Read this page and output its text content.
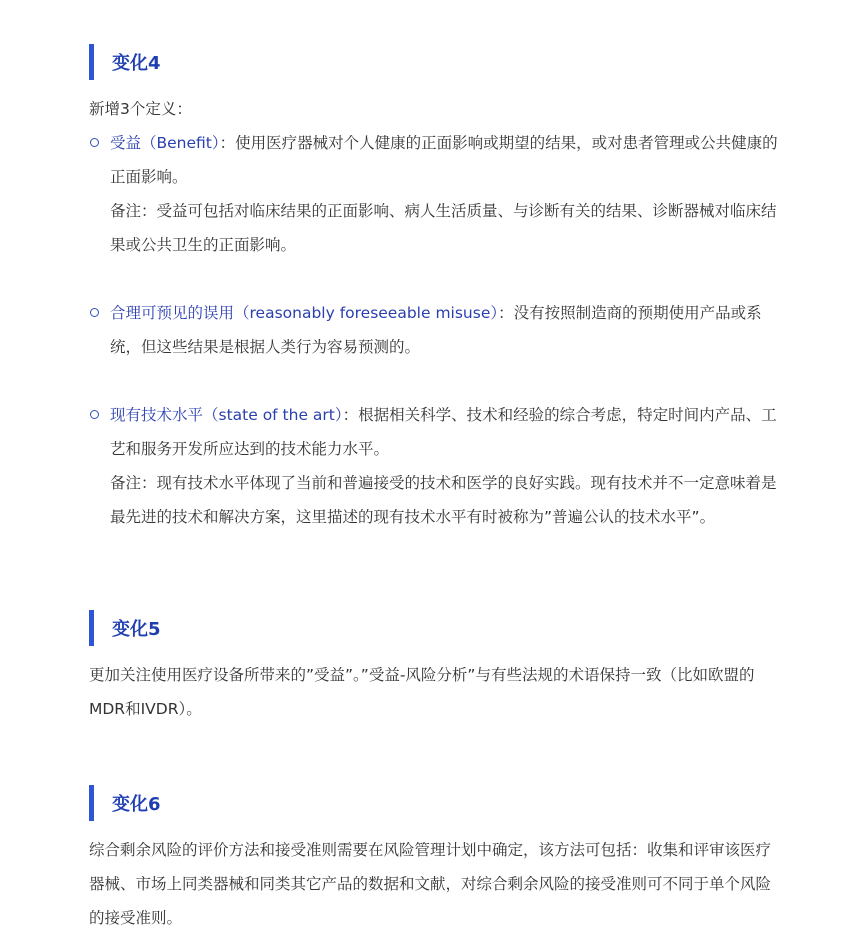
变化4
新增3个定义：
受益（Benefit）：使用医疗器械对个人健康的正面影响或期望的结果，或对患者管理或公共健康的正面影响。
备注：受益可包括对临床结果的正面影响、病人生活质量、与诊断有关的结果、诊断器械对临床结果或公共卫生的正面影响。
合理可预见的误用（reasonably foreseeable misuse）：没有按照制造商的预期使用产品或系统，但这些结果是根据人类行为容易预测的。
现有技术水平（state of the art）：根据相关科学、技术和经验的综合考虑，特定时间内产品、工艺和服务开发所应达到的技术能力水平。
备注：现有技术水平体现了当前和普遍接受的技术和医学的良好实践。现有技术并不一定意味着是最先进的技术和解决方案，这里描述的现有技术水平有时被称为”普遍公认的技术水平”。
变化5
更加关注使用医疗设备所带来的”受益”。”受益-风险分析”与有些法规的术语保持一致（比如欧盟的MDR和IVDR）。
变化6
综合剩余风险的评价方法和接受准则需要在风险管理计划中确定，该方法可包括：收集和评审该医疗器械、市场上同类器械和同类其它产品的数据和文献，对综合剩余风险的接受准则可不同于单个风险的接受准则。
